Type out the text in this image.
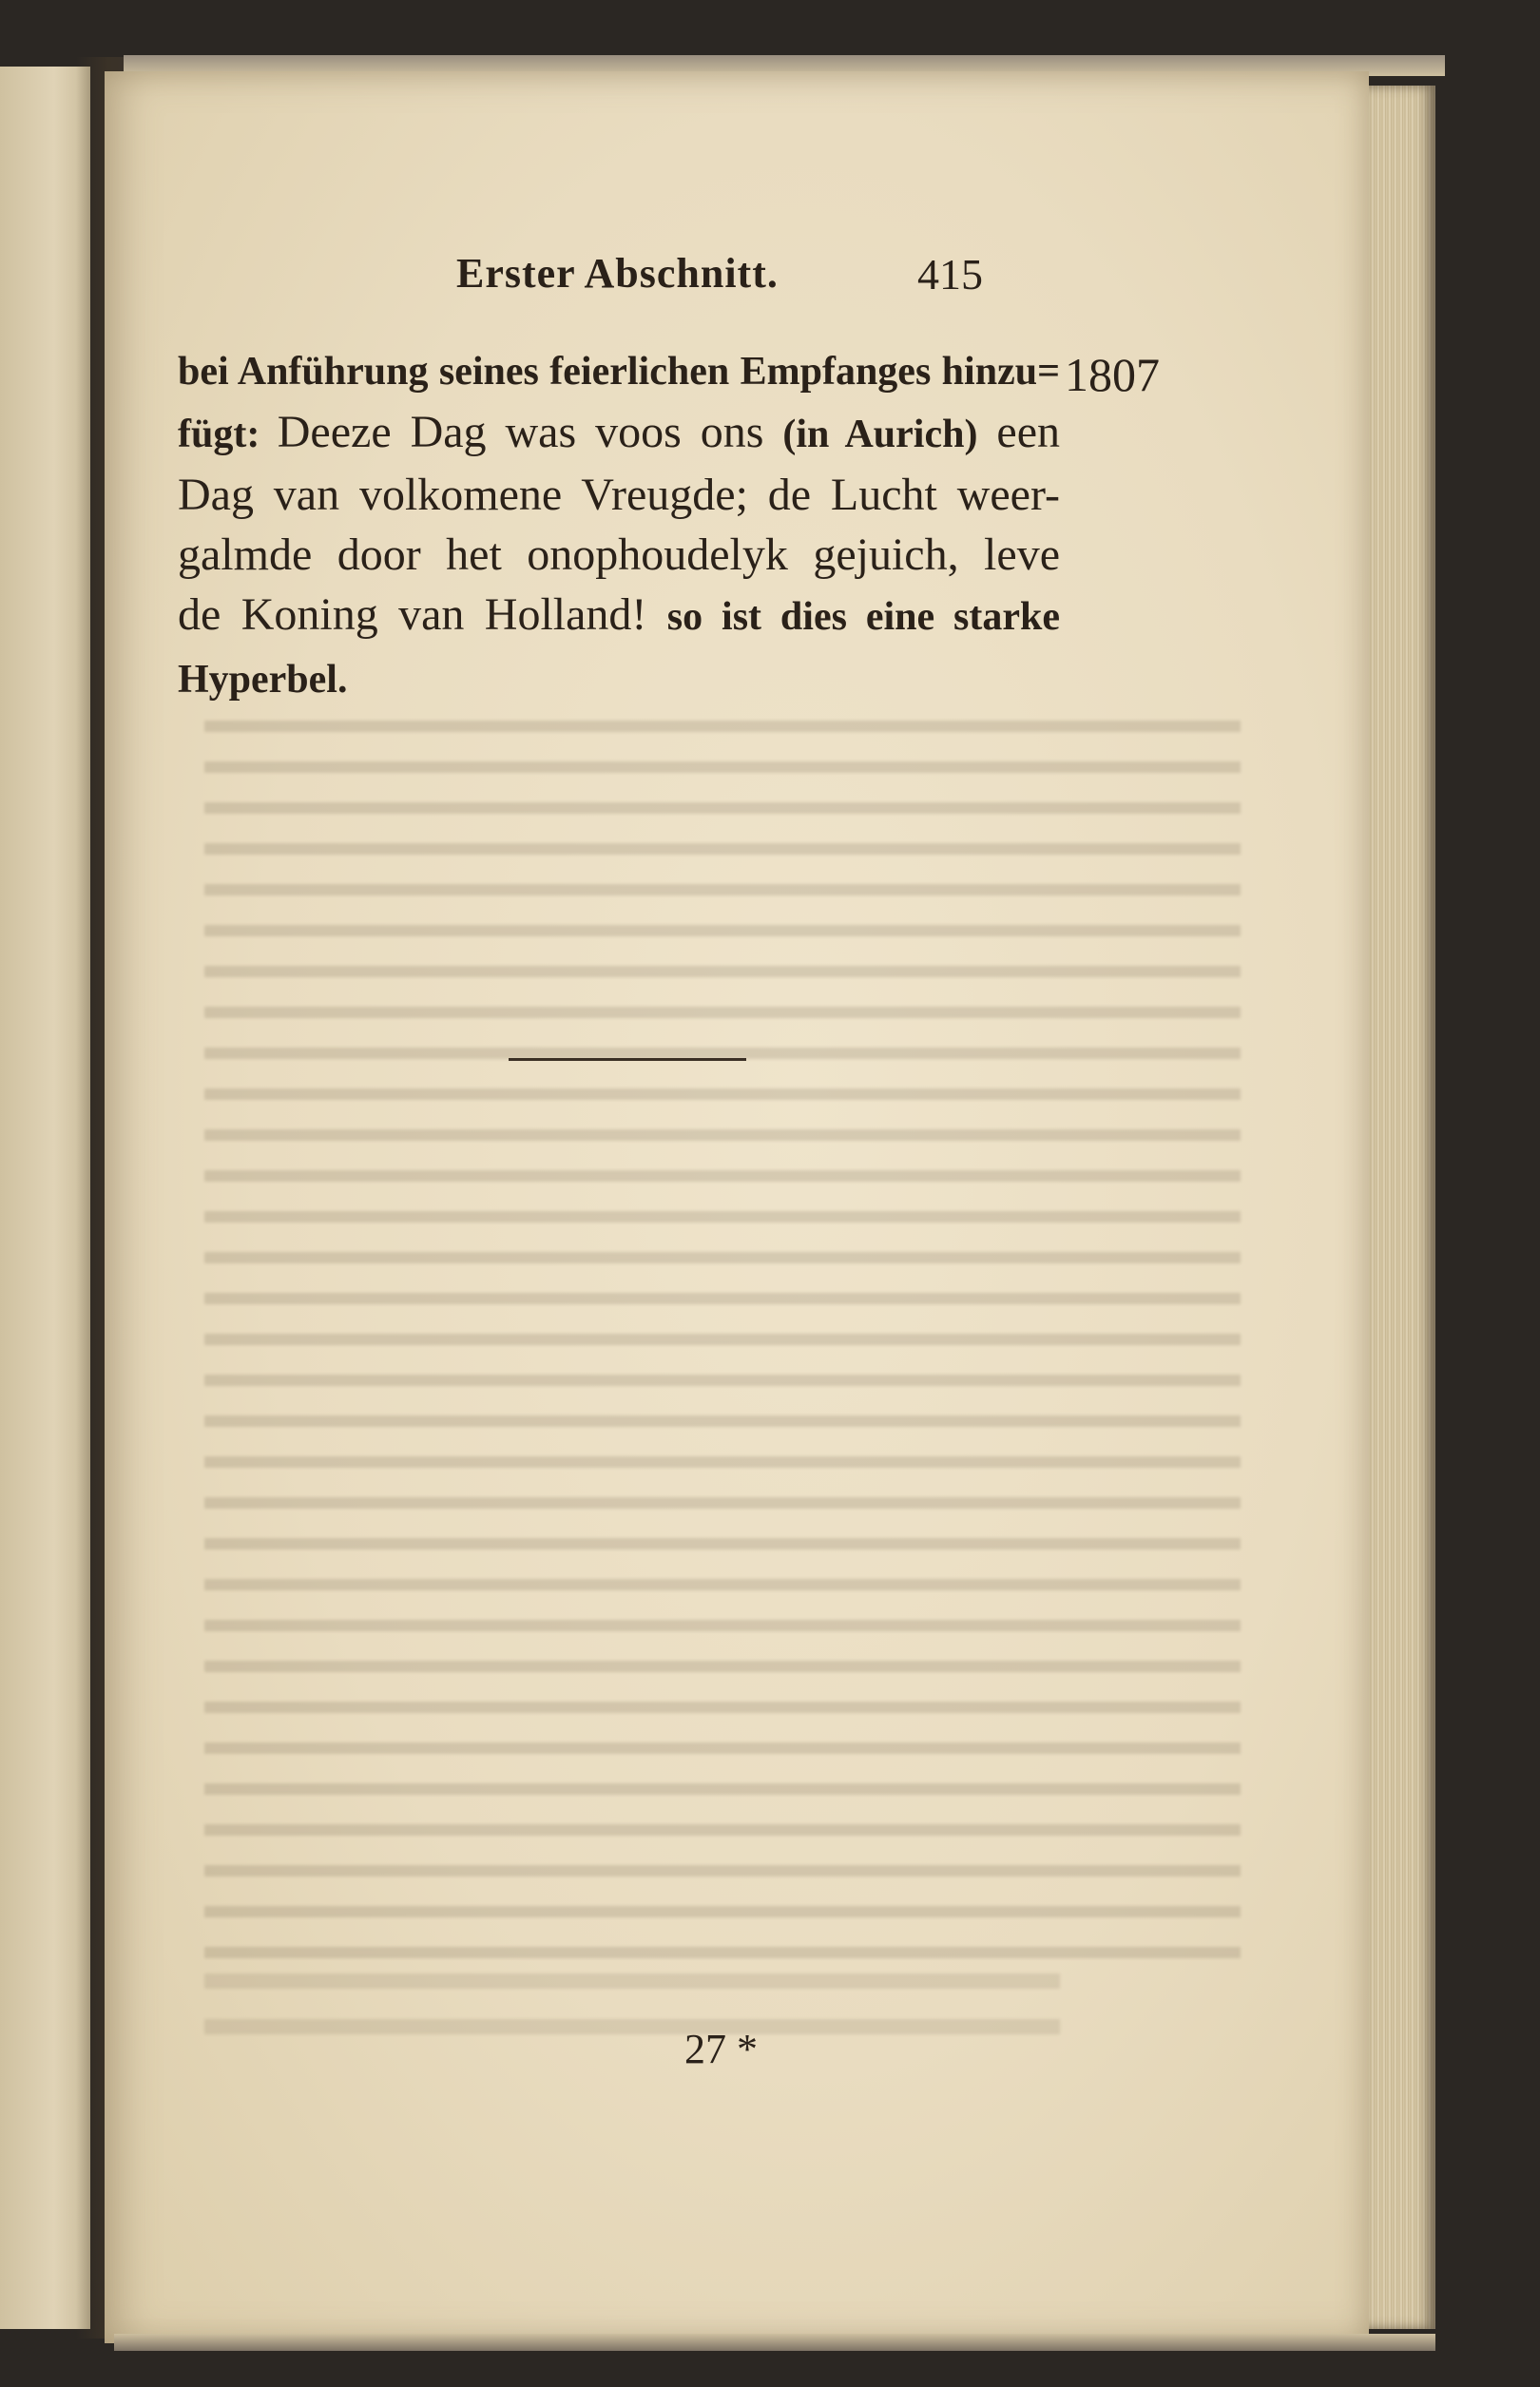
Erster Abschnitt.	415
1807
bei Anführung seines feierlichen Empfanges hinzu=
fügt: Deeze Dag was voos ons (in Aurich) een
Dag van volkomene Vreugde; de Lucht weer-
galmde door het onophoudelyk gejuich, leve
de Koning van Holland! so ist dies eine starke
Hyperbel.
27 *
